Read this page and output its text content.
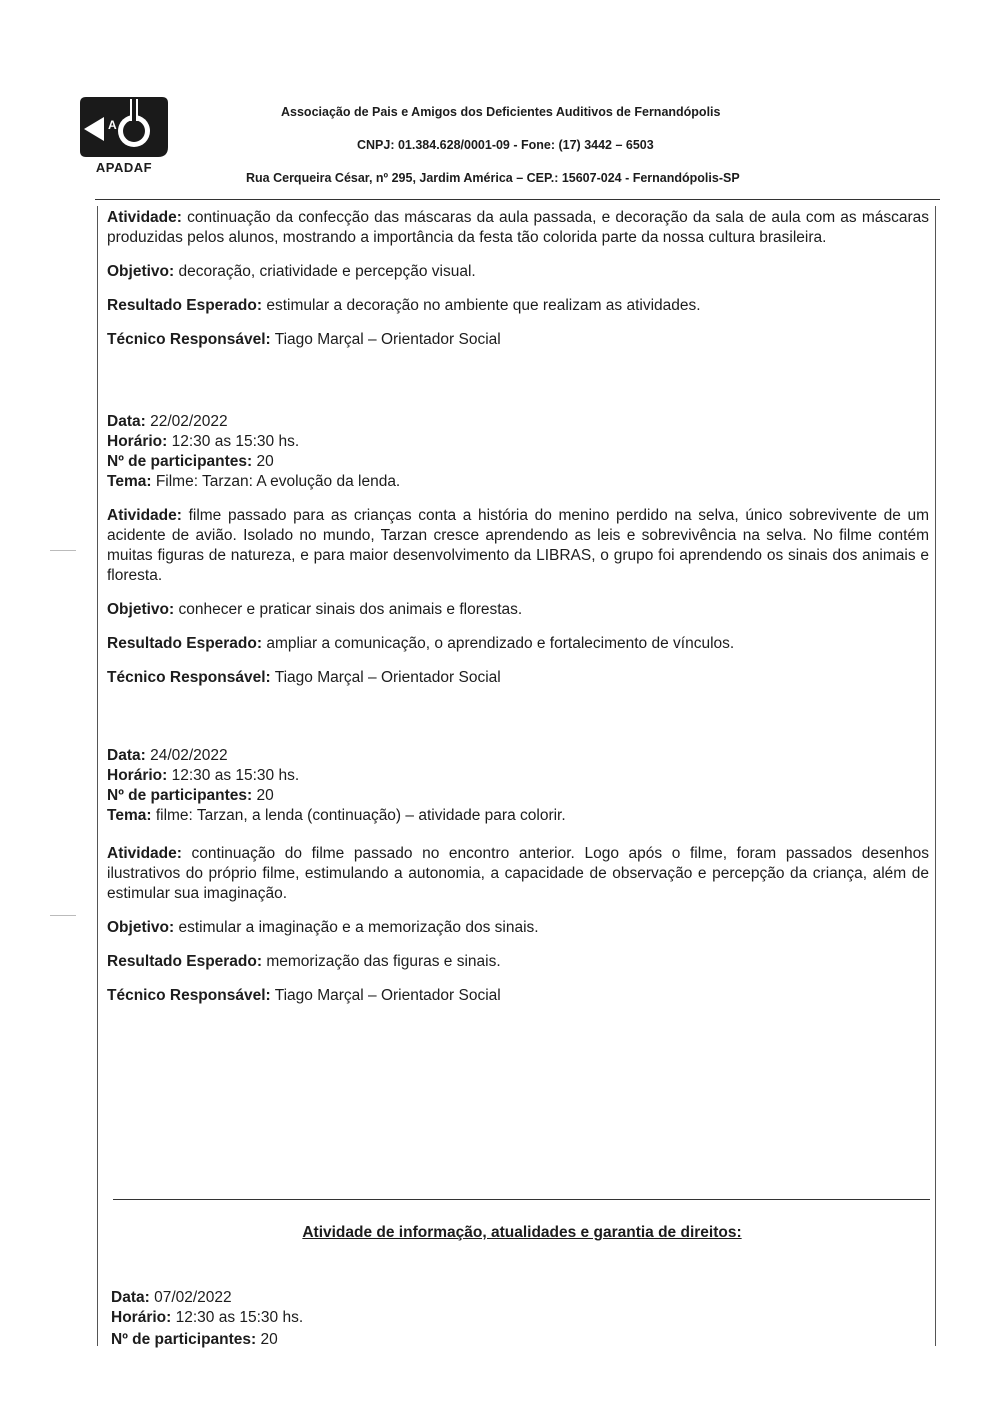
A
APADAF
Associação de Pais e Amigos dos Deficientes Auditivos de Fernandópolis
CNPJ: 01.384.628/0001-09 - Fone: (17) 3442 – 6503
Rua Cerqueira César, nº 295, Jardim América – CEP.: 15607-024 - Fernandópolis-SP

Atividade: continuação da confecção das máscaras da aula passada, e decoração da sala de aula com as máscaras produzidas pelos alunos, mostrando a importância da festa tão colorida parte da nossa cultura brasileira.

Objetivo: decoração, criatividade e percepção visual.

Resultado Esperado: estimular a decoração no ambiente que realizam as atividades.

Técnico Responsável: Tiago Marçal – Orientador Social

Data: 22/02/2022

Horário: 12:30 as 15:30 hs.

Nº de participantes: 20

Tema: Filme: Tarzan: A evolução da lenda.

Atividade: filme passado para as crianças conta a história do menino perdido na selva, único sobrevivente de um acidente de avião. Isolado no mundo, Tarzan cresce aprendendo as leis e sobrevivência na selva. No filme contém muitas figuras de natureza, e para maior desenvolvimento da LIBRAS, o grupo foi aprendendo os sinais dos animais e floresta.

Objetivo: conhecer e praticar sinais dos animais e florestas.

Resultado Esperado: ampliar a comunicação, o aprendizado e fortalecimento de vínculos.

Técnico Responsável: Tiago Marçal – Orientador Social

Data: 24/02/2022

Horário: 12:30 as 15:30 hs.

Nº de participantes: 20

Tema: filme: Tarzan, a lenda (continuação) – atividade para colorir.

Atividade: continuação do filme passado no encontro anterior. Logo após o filme, foram passados desenhos ilustrativos do próprio filme, estimulando a autonomia, a capacidade de observação e percepção da criança, além de estimular sua imaginação.

Objetivo: estimular a imaginação e a memorização dos sinais.

Resultado Esperado: memorização das figuras e sinais.

Técnico Responsável: Tiago Marçal – Orientador Social

Atividade de informação, atualidades e garantia de direitos:

Data: 07/02/2022

Horário: 12:30 as 15:30 hs.

Nº de participantes: 20
